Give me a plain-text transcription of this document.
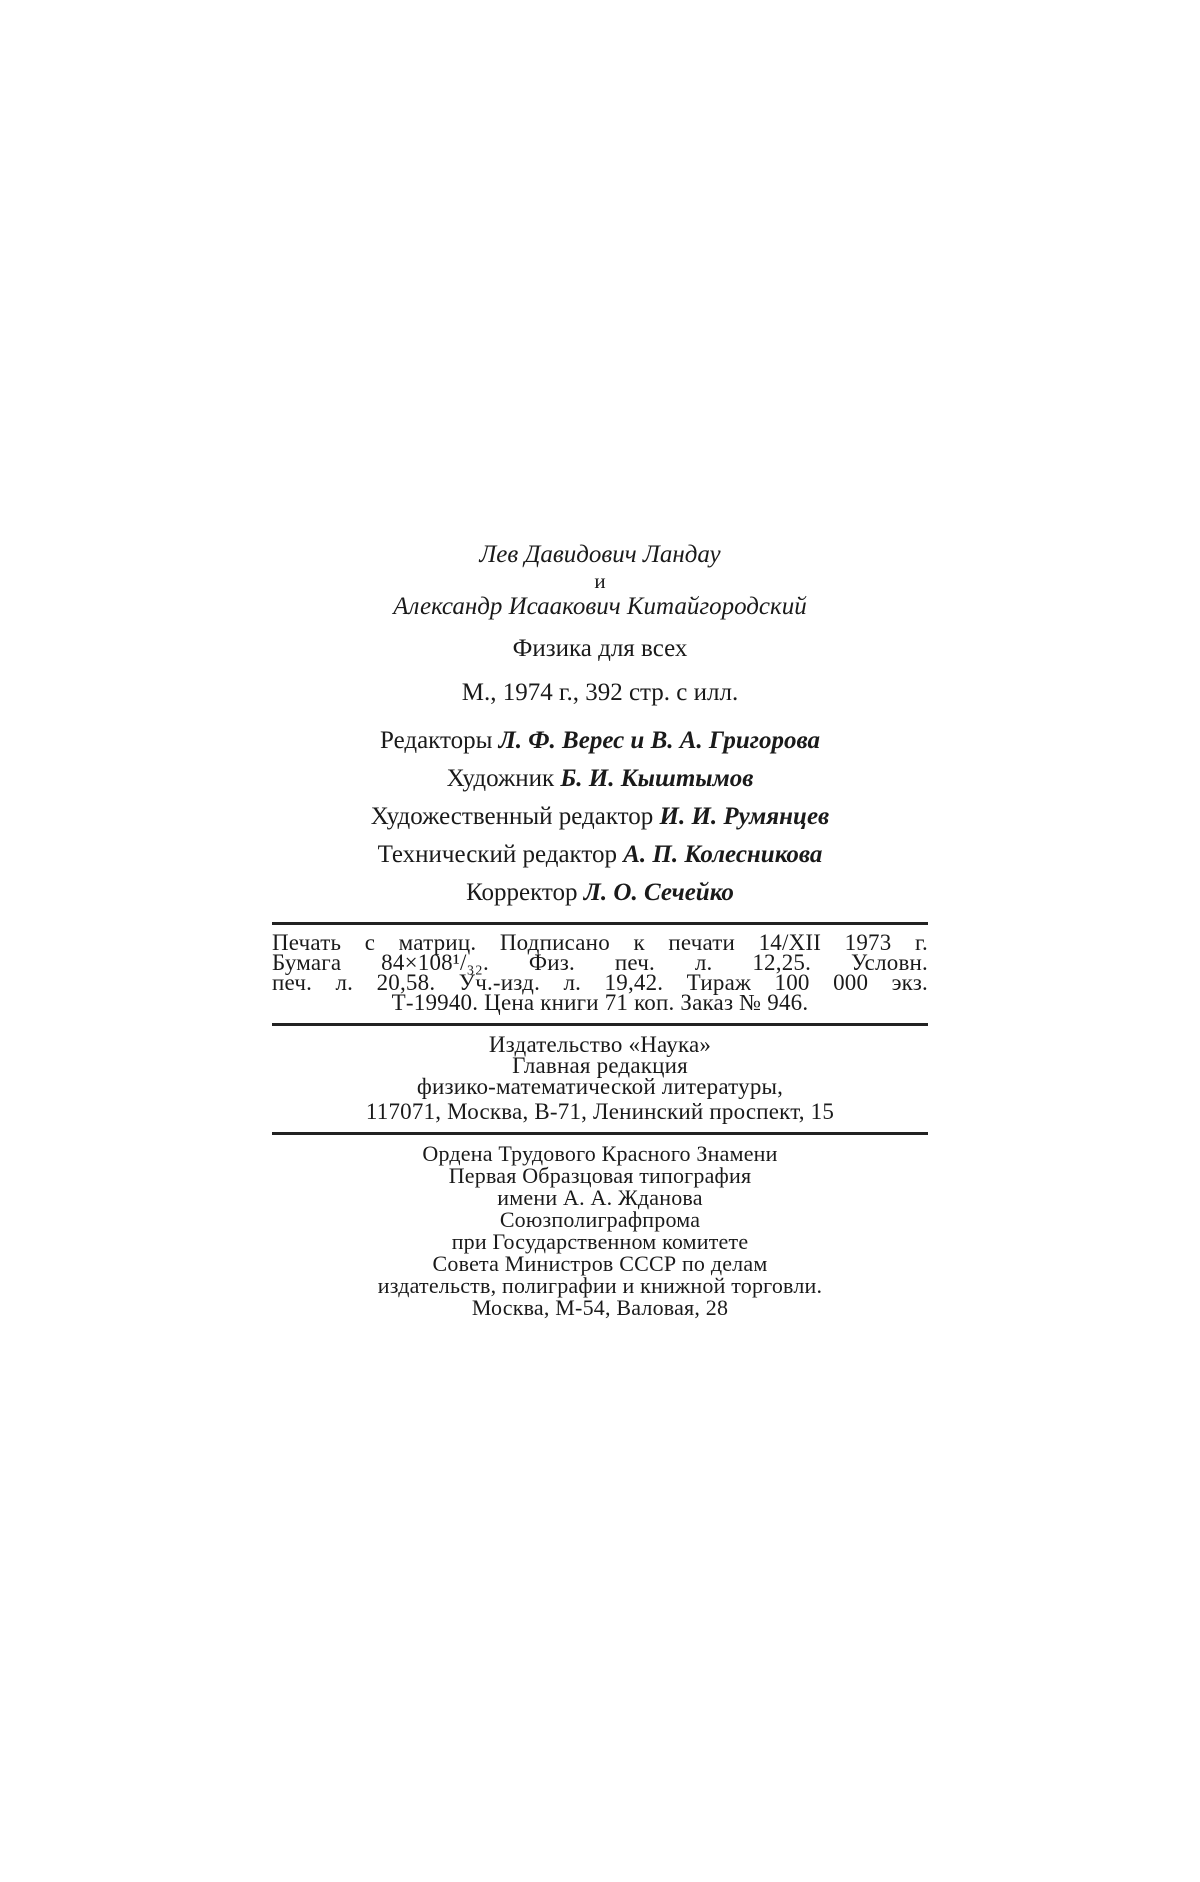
Лев Давидович Ландау
и
Александр Исаакович Китайгородский
Физика для всех
М., 1974 г., 392 стр. с илл.
Редакторы Л. Ф. Верес и В. А. Григорова
Художник Б. И. Кыштымов
Художественный редактор И. И. Румянцев
Технический редактор А. П. Колесникова
Корректор Л. О. Сечейко
Печать с матриц. Подписано к печати 14/XII 1973 г.
Бумага 84×108¹/₃₂. Физ. печ. л. 12,25. Условн.
печ. л. 20,58. Уч.-изд. л. 19,42. Тираж 100 000 экз.
Т-19940. Цена книги 71 коп. Заказ № 946.
Издательство «Наука»
Главная редакция
физико-математической литературы,
117071, Москва, В-71, Ленинский проспект, 15
Ордена Трудового Красного Знамени
Первая Образцовая типография
имени А. А. Жданова
Союзполиграфпрома
при Государственном комитете
Совета Министров СССР по делам
издательств, полиграфии и книжной торговли.
Москва, М-54, Валовая, 28
